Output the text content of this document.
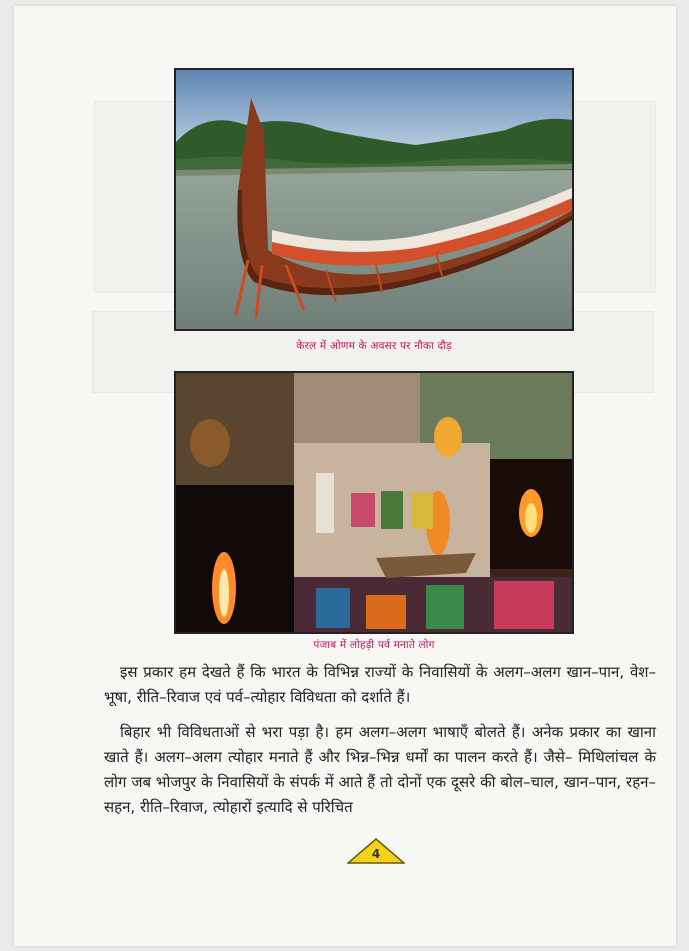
केरल में ओणम के अवसर पर नौका दौड़
पंजाब में लोहड़ी पर्व मनाते लोग

इस प्रकार हम देखते हैं कि भारत के विभिन्न राज्यों के निवासियों के अलग–अलग खान–पान, वेश–भूषा, रीति–रिवाज एवं पर्व–त्योहार विविधता को दर्शाते हैं।

बिहार भी विविधताओं से भरा पड़ा है। हम अलग–अलग भाषाएँ बोलते हैं। अनेक प्रकार का खाना खाते हैं। अलग–अलग त्योहार मनाते हैं और भिन्न–भिन्न धर्मों का पालन करते हैं। जैसे– मिथिलांचल के लोग जब भोजपुर के निवासियों के संपर्क में आते हैं तो दोनों एक दूसरे की बोल–चाल, खान–पान, रहन–सहन, रीति–रिवाज, त्योहारों इत्यादि से परिचित

4
